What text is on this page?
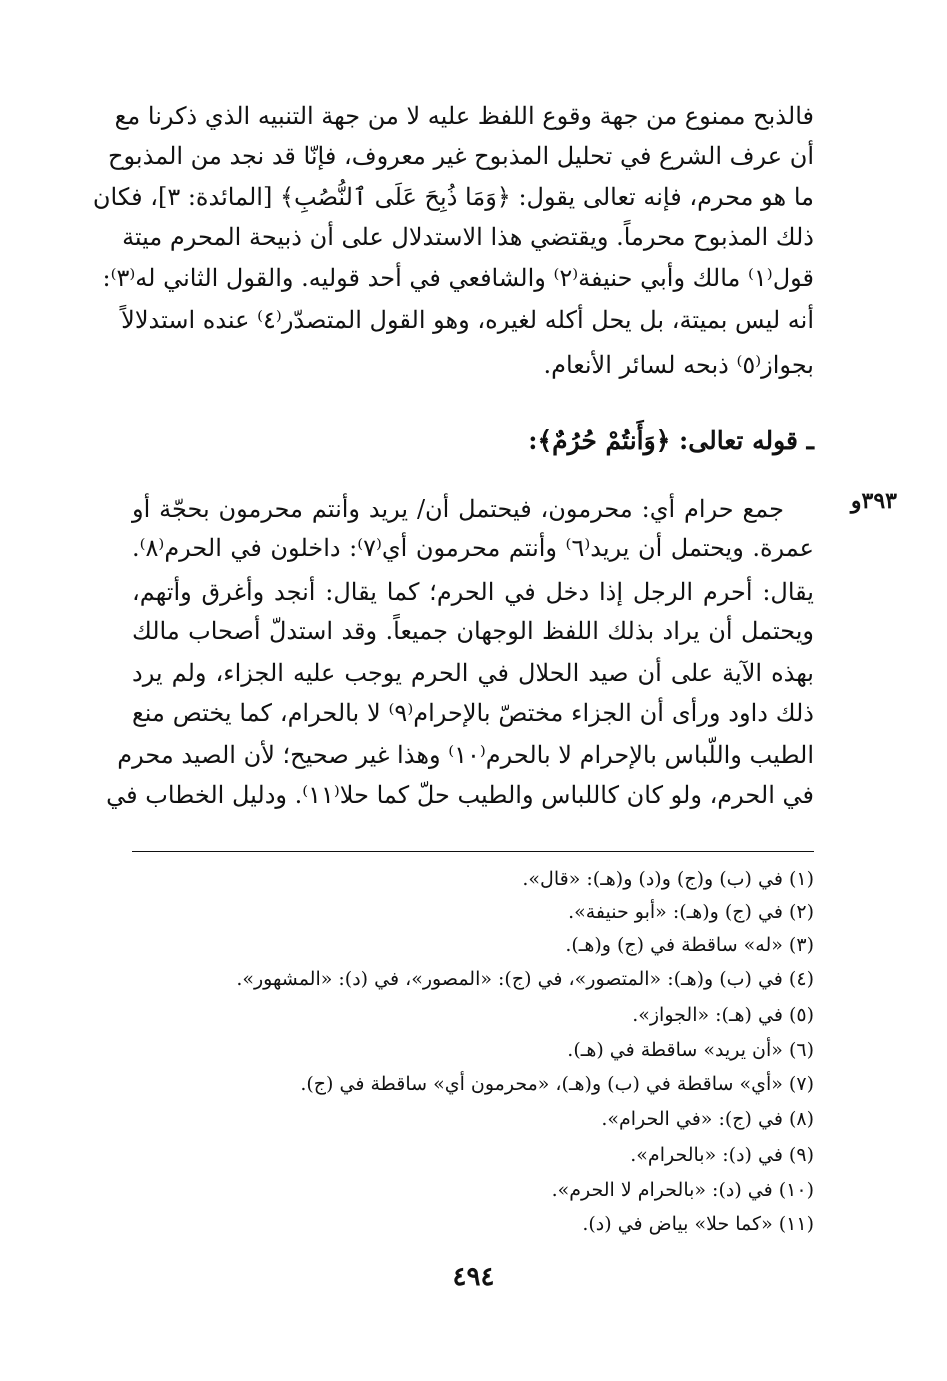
فالذبح ممنوع من جهة وقوع اللفظ عليه لا من جهة التنبيه الذي ذكرنا مع
أن عرف الشرع في تحليل المذبوح غير معروف، فإنّا قد نجد من المذبوح
ما هو محرم، فإنه تعالى يقول: ﴿وَمَا ذُبِحَ عَلَى ٱلنُّصُبِ﴾ [المائدة: ٣]، فكان
ذلك المذبوح محرماً. ويقتضي هذا الاستدلال على أن ذبيحة المحرم ميتة
قول⁽١⁾ مالك وأبي حنيفة⁽٢⁾ والشافعي في أحد قوليه. والقول الثاني له⁽٣⁾:
أنه ليس بميتة، بل يحل أكله لغيره، وهو القول المتصدّر⁽٤⁾ عنده استدلالاً
بجواز⁽٥⁾ ذبحه لسائر الأنعام.
ـ قوله تعالى: ﴿وَأَنتُمْ حُرُمٌ﴾:
٣٩٣و
جمع حرام أي: محرمون، فيحتمل أن/ يريد وأنتم محرمون بحجّة أو
عمرة. ويحتمل أن يريد⁽٦⁾ وأنتم محرمون أي⁽٧⁾: داخلون في الحرم⁽٨⁾.
يقال: أحرم الرجل إذا دخل في الحرم؛ كما يقال: أنجد وأغرق وأتهم،
ويحتمل أن يراد بذلك اللفظ الوجهان جميعاً. وقد استدلّ أصحاب مالك
بهذه الآية على أن صيد الحلال في الحرم يوجب عليه الجزاء، ولم يرد
ذلك داود ورأى أن الجزاء مختصّ بالإحرام⁽٩⁾ لا بالحرام، كما يختص منع
الطيب واللّباس بالإحرام لا بالحرم⁽١٠⁾ وهذا غير صحيح؛ لأن الصيد محرم
في الحرم، ولو كان كاللباس والطيب حلّ كما حلا⁽١١⁾. ودليل الخطاب في
(١) في (ب) و(ج) و(د) و(هـ): «قال».
(٢) في (ج) و(هـ): «أبو حنيفة».
(٣) «له» ساقطة في (ج) و(هـ).
(٤) في (ب) و(هـ): «المتصور»، في (ج): «المصور»، في (د): «المشهور».
(٥) في (هـ): «الجواز».
(٦) «أن يريد» ساقطة في (هـ).
(٧) «أي» ساقطة في (ب) و(هـ)، «محرمون أي» ساقطة في (ج).
(٨) في (ج): «في الحرام».
(٩) في (د): «بالحرام».
(١٠) في (د): «بالحرام لا الحرم».
(١١) «كما حلا» بياض في (د).
٤٩٤
